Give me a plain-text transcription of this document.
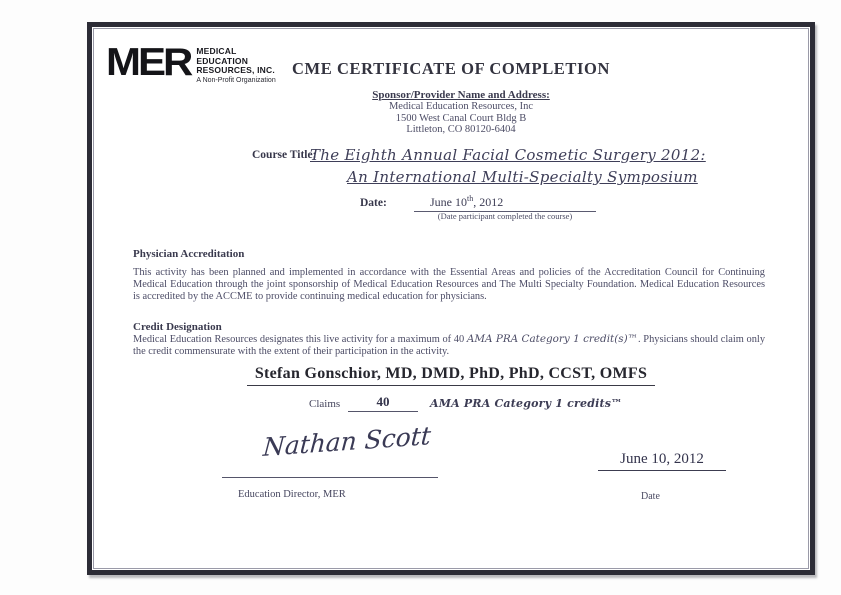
MER MEDICAL
EDUCATION
RESOURCES, INC.
A Non-Profit Organization
CME CERTIFICATE OF COMPLETION
Sponsor/Provider Name and Address:
Medical Education Resources, Inc
1500 West Canal Court Bldg B
Littleton, CO 80120-6404
Course Title:
The Eighth Annual Facial Cosmetic Surgery 2012:
An International Multi-Specialty Symposium
Date:	June 10th, 2012
(Date participant completed the course)
Physician Accreditation
This activity has been planned and implemented in accordance with the Essential Areas and policies of the Accreditation Council for Continuing Medical Education through the joint sponsorship of Medical Education Resources and The Multi Specialty Foundation. Medical Education Resources is accredited by the ACCME to provide continuing medical education for physicians.
Credit Designation
Medical Education Resources designates this live activity for a maximum of 40 AMA PRA Category 1 credit(s)™. Physicians should claim only the credit commensurate with the extent of their participation in the activity.
Stefan Gonschior, MD, DMD, PhD, PhD, CCST, OMFS
Claims	40	AMA PRA Category 1 credits™
Nathan Scott
Education Director, MER
June 10, 2012
Date
